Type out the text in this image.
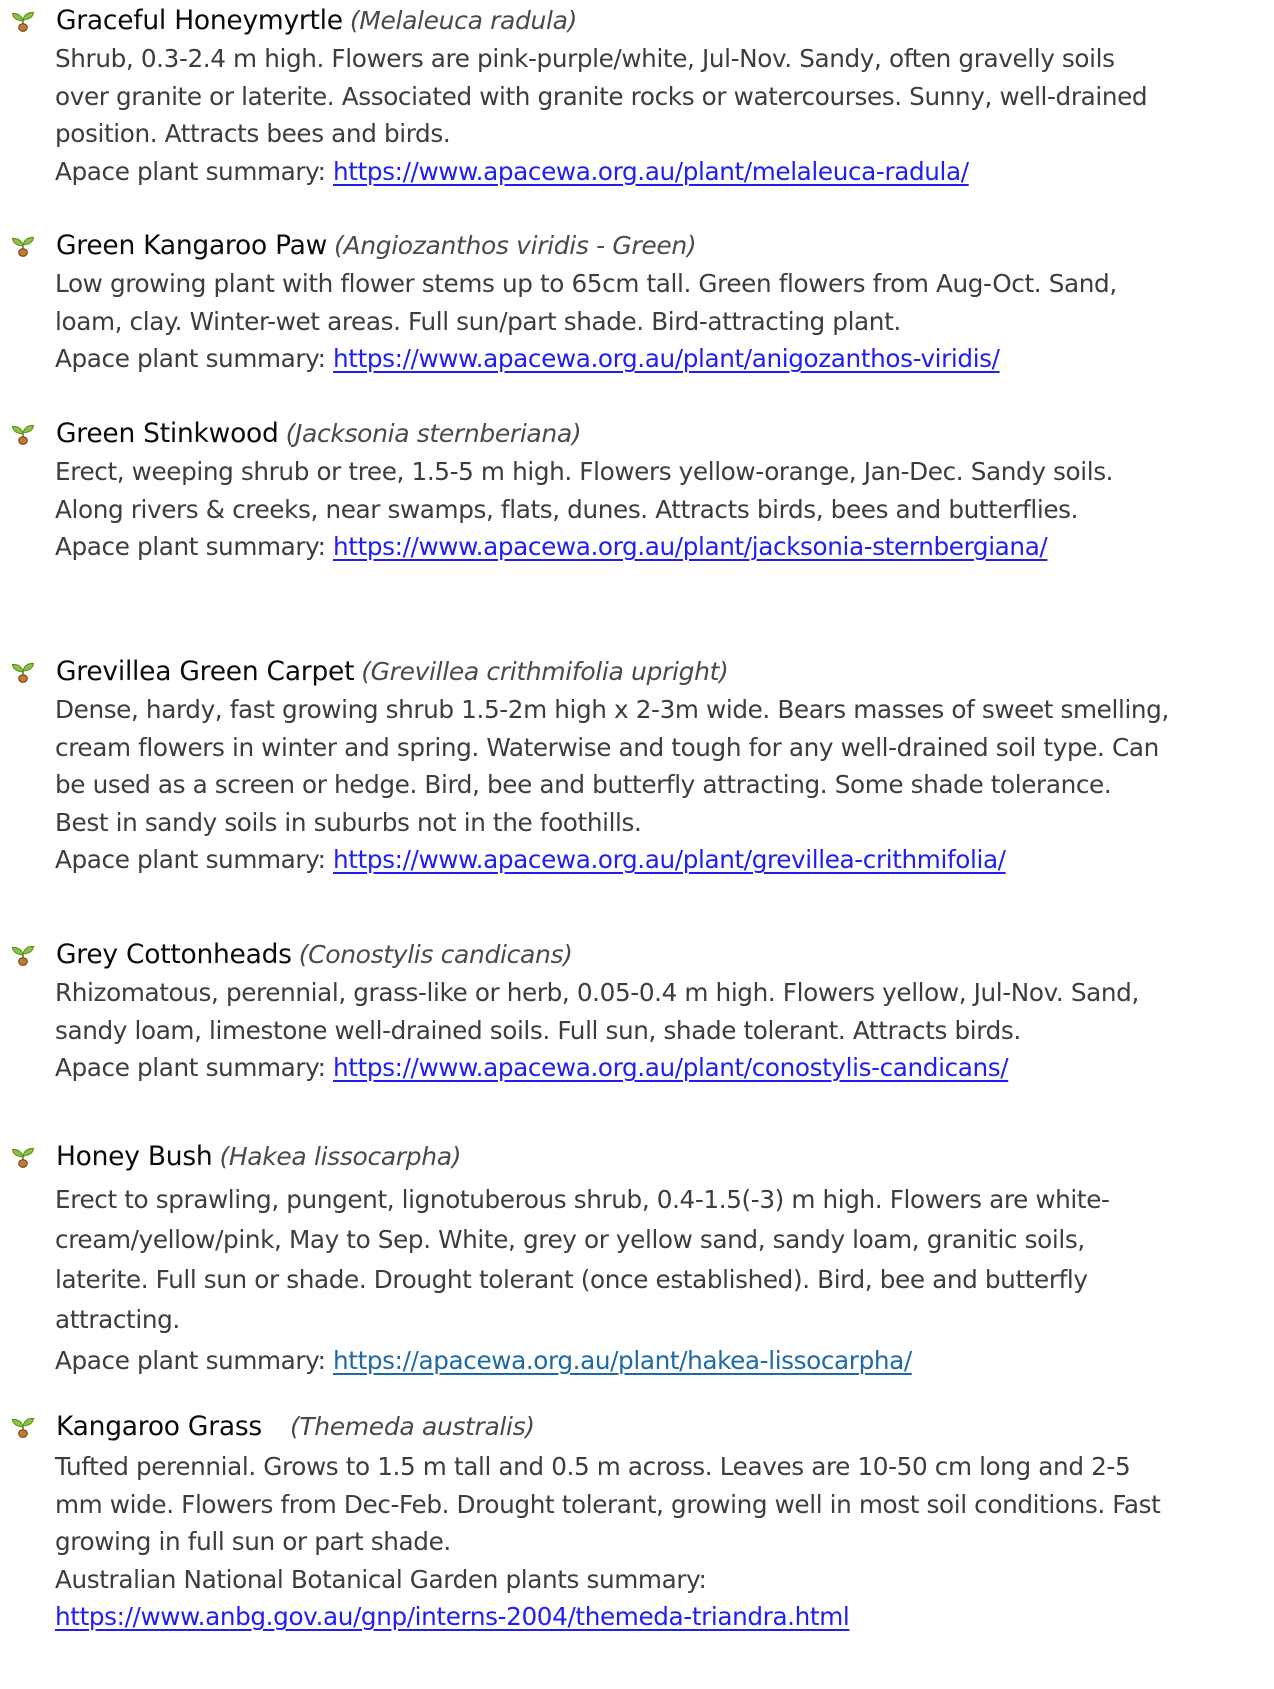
Graceful Honeymyrtle (Melaleuca radula)
Shrub, 0.3-2.4 m high. Flowers are pink-purple/white, Jul-Nov. Sandy, often gravelly soils
over granite or laterite. Associated with granite rocks or watercourses. Sunny, well-drained
position. Attracts bees and birds.
Apace plant summary: https://www.apacewa.org.au/plant/melaleuca-radula/
Green Kangaroo Paw (Angiozanthos viridis - Green)
Low growing plant with flower stems up to 65cm tall. Green flowers from Aug-Oct. Sand,
loam, clay. Winter-wet areas. Full sun/part shade. Bird-attracting plant.
Apace plant summary: https://www.apacewa.org.au/plant/anigozanthos-viridis/
Green Stinkwood (Jacksonia sternberiana)
Erect, weeping shrub or tree, 1.5-5 m high. Flowers yellow-orange, Jan-Dec. Sandy soils.
Along rivers & creeks, near swamps, flats, dunes. Attracts birds, bees and butterflies.
Apace plant summary: https://www.apacewa.org.au/plant/jacksonia-sternbergiana/
Grevillea Green Carpet (Grevillea crithmifolia upright)
Dense, hardy, fast growing shrub 1.5-2m high x 2-3m wide. Bears masses of sweet smelling,
cream flowers in winter and spring. Waterwise and tough for any well-drained soil type. Can
be used as a screen or hedge. Bird, bee and butterfly attracting. Some shade tolerance.
Best in sandy soils in suburbs not in the foothills.
Apace plant summary: https://www.apacewa.org.au/plant/grevillea-crithmifolia/
Grey Cottonheads (Conostylis candicans)
Rhizomatous, perennial, grass-like or herb, 0.05-0.4 m high. Flowers yellow, Jul-Nov. Sand,
sandy loam, limestone well-drained soils. Full sun, shade tolerant. Attracts birds.
Apace plant summary: https://www.apacewa.org.au/plant/conostylis-candicans/
Honey Bush (Hakea lissocarpha)
Erect to sprawling, pungent, lignotuberous shrub, 0.4-1.5(-3) m high. Flowers are white-
cream/yellow/pink, May to Sep. White, grey or yellow sand, sandy loam, granitic soils,
laterite. Full sun or shade. Drought tolerant (once established). Bird, bee and butterfly
attracting.
Apace plant summary: https://apacewa.org.au/plant/hakea-lissocarpha/
Kangaroo Grass (Themeda australis)
Tufted perennial. Grows to 1.5 m tall and 0.5 m across. Leaves are 10-50 cm long and 2-5
mm wide. Flowers from Dec-Feb. Drought tolerant, growing well in most soil conditions. Fast
growing in full sun or part shade.
Australian National Botanical Garden plants summary:
https://www.anbg.gov.au/gnp/interns-2004/themeda-triandra.html
